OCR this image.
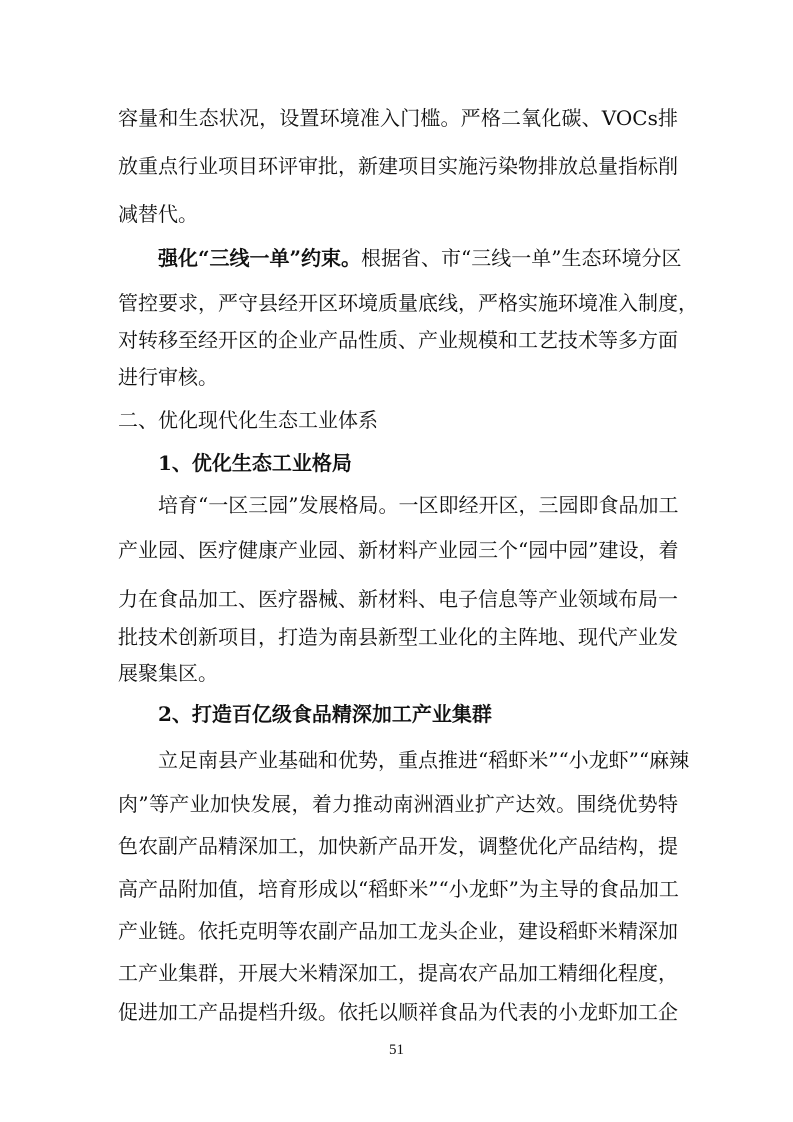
容量和生态状况，设置环境准入门槛。严格二氧化碳、VOCs排
放重点行业项目环评审批，新建项目实施污染物排放总量指标削
减替代。
强化“三线一单”约束。根据省、市“三线一单”生态环境分区
管控要求，严守县经开区环境质量底线，严格实施环境准入制度，
对转移至经开区的企业产品性质、产业规模和工艺技术等多方面
进行审核。
二、优化现代化生态工业体系
1、优化生态工业格局
培育“一区三园”发展格局。一区即经开区，三园即食品加工
产业园、医疗健康产业园、新材料产业园三个“园中园”建设，着
力在食品加工、医疗器械、新材料、电子信息等产业领域布局一
批技术创新项目，打造为南县新型工业化的主阵地、现代产业发
展聚集区。
2、打造百亿级食品精深加工产业集群
立足南县产业基础和优势，重点推进“稻虾米”“小龙虾”“麻辣
肉”等产业加快发展，着力推动南洲酒业扩产达效。围绕优势特
色农副产品精深加工，加快新产品开发，调整优化产品结构，提
高产品附加值，培育形成以“稻虾米”“小龙虾”为主导的食品加工
产业链。依托克明等农副产品加工龙头企业，建设稻虾米精深加
工产业集群，开展大米精深加工，提高农产品加工精细化程度，
促进加工产品提档升级。依托以顺祥食品为代表的小龙虾加工企
51
